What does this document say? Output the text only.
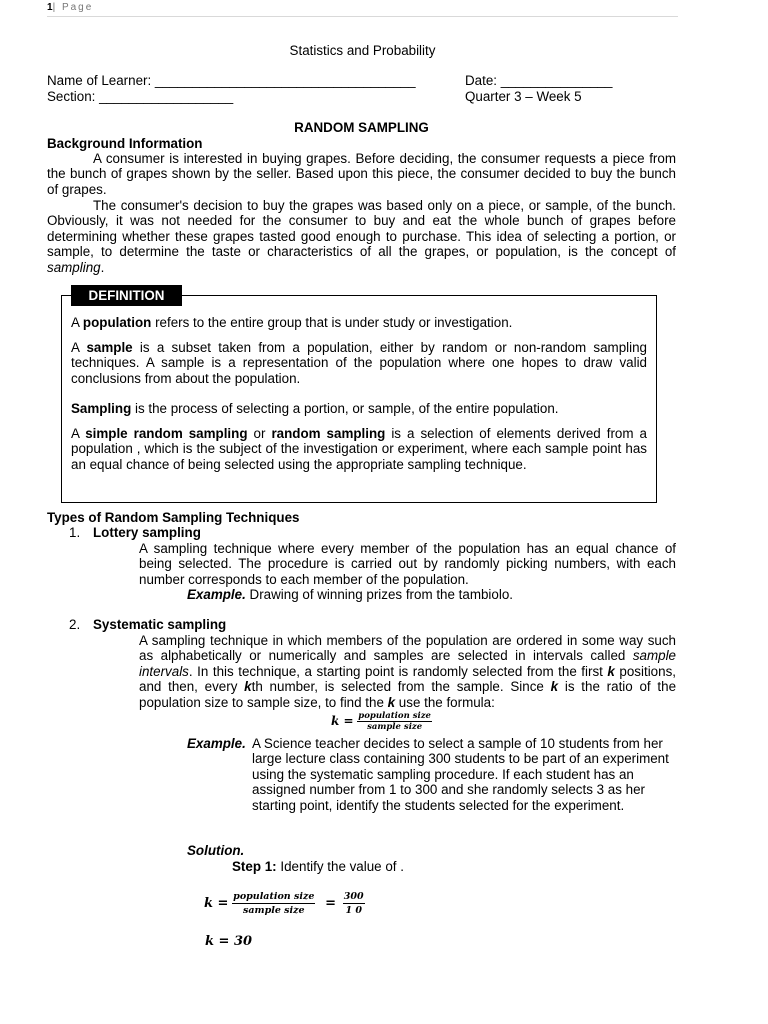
1| Page
Statistics and Probability
Name of Learner: ___________________________________
Section: __________________
Date: _______________
Quarter 3 – Week 5
RANDOM SAMPLING
Background Information
A consumer is interested in buying grapes. Before deciding, the consumer requests a piece from the bunch of grapes shown by the seller. Based upon this piece, the consumer decided to buy the bunch of grapes.
The consumer's decision to buy the grapes was based only on a piece, or sample, of the bunch. Obviously, it was not needed for the consumer to buy and eat the whole bunch of grapes before determining whether these grapes tasted good enough to purchase. This idea of selecting a portion, or sample, to determine the taste or characteristics of all the grapes, or population, is the concept of sampling.
DEFINITION
A population refers to the entire group that is under study or investigation.
A sample is a subset taken from a population, either by random or non-random sampling techniques. A sample is a representation of the population where one hopes to draw valid conclusions from about the population.
Sampling is the process of selecting a portion, or sample, of the entire population.
A simple random sampling or random sampling is a selection of elements derived from a population , which is the subject of the investigation or experiment, where each sample point has an equal chance of being selected using the appropriate sampling technique.
Types of Random Sampling Techniques
1. Lottery sampling
A sampling technique where every member of the population has an equal chance of being selected. The procedure is carried out by randomly picking numbers, with each number corresponds to each member of the population.
Example. Drawing of winning prizes from the tambiolo.
2. Systematic sampling
A sampling technique in which members of the population are ordered in some way such as alphabetically or numerically and samples are selected in intervals called sample intervals. In this technique, a starting point is randomly selected from the first k positions, and then, every kth number, is selected from the sample. Since k is the ratio of the population size to sample size, to find the k use the formula:
$k = \frac{\text{population size}}{\text{sample size}}$
Example. A Science teacher decides to select a sample of 10 students from her large lecture class containing 300 students to be part of an experiment using the systematic sampling procedure. If each student has an assigned number from 1 to 300 and she randomly selects 3 as her starting point, identify the students selected for the experiment.
Solution.
Step 1: Identify the value of .
$k = \frac{\text{population size}}{\text{sample size}} = \frac{300}{1 0}$
k = 30
